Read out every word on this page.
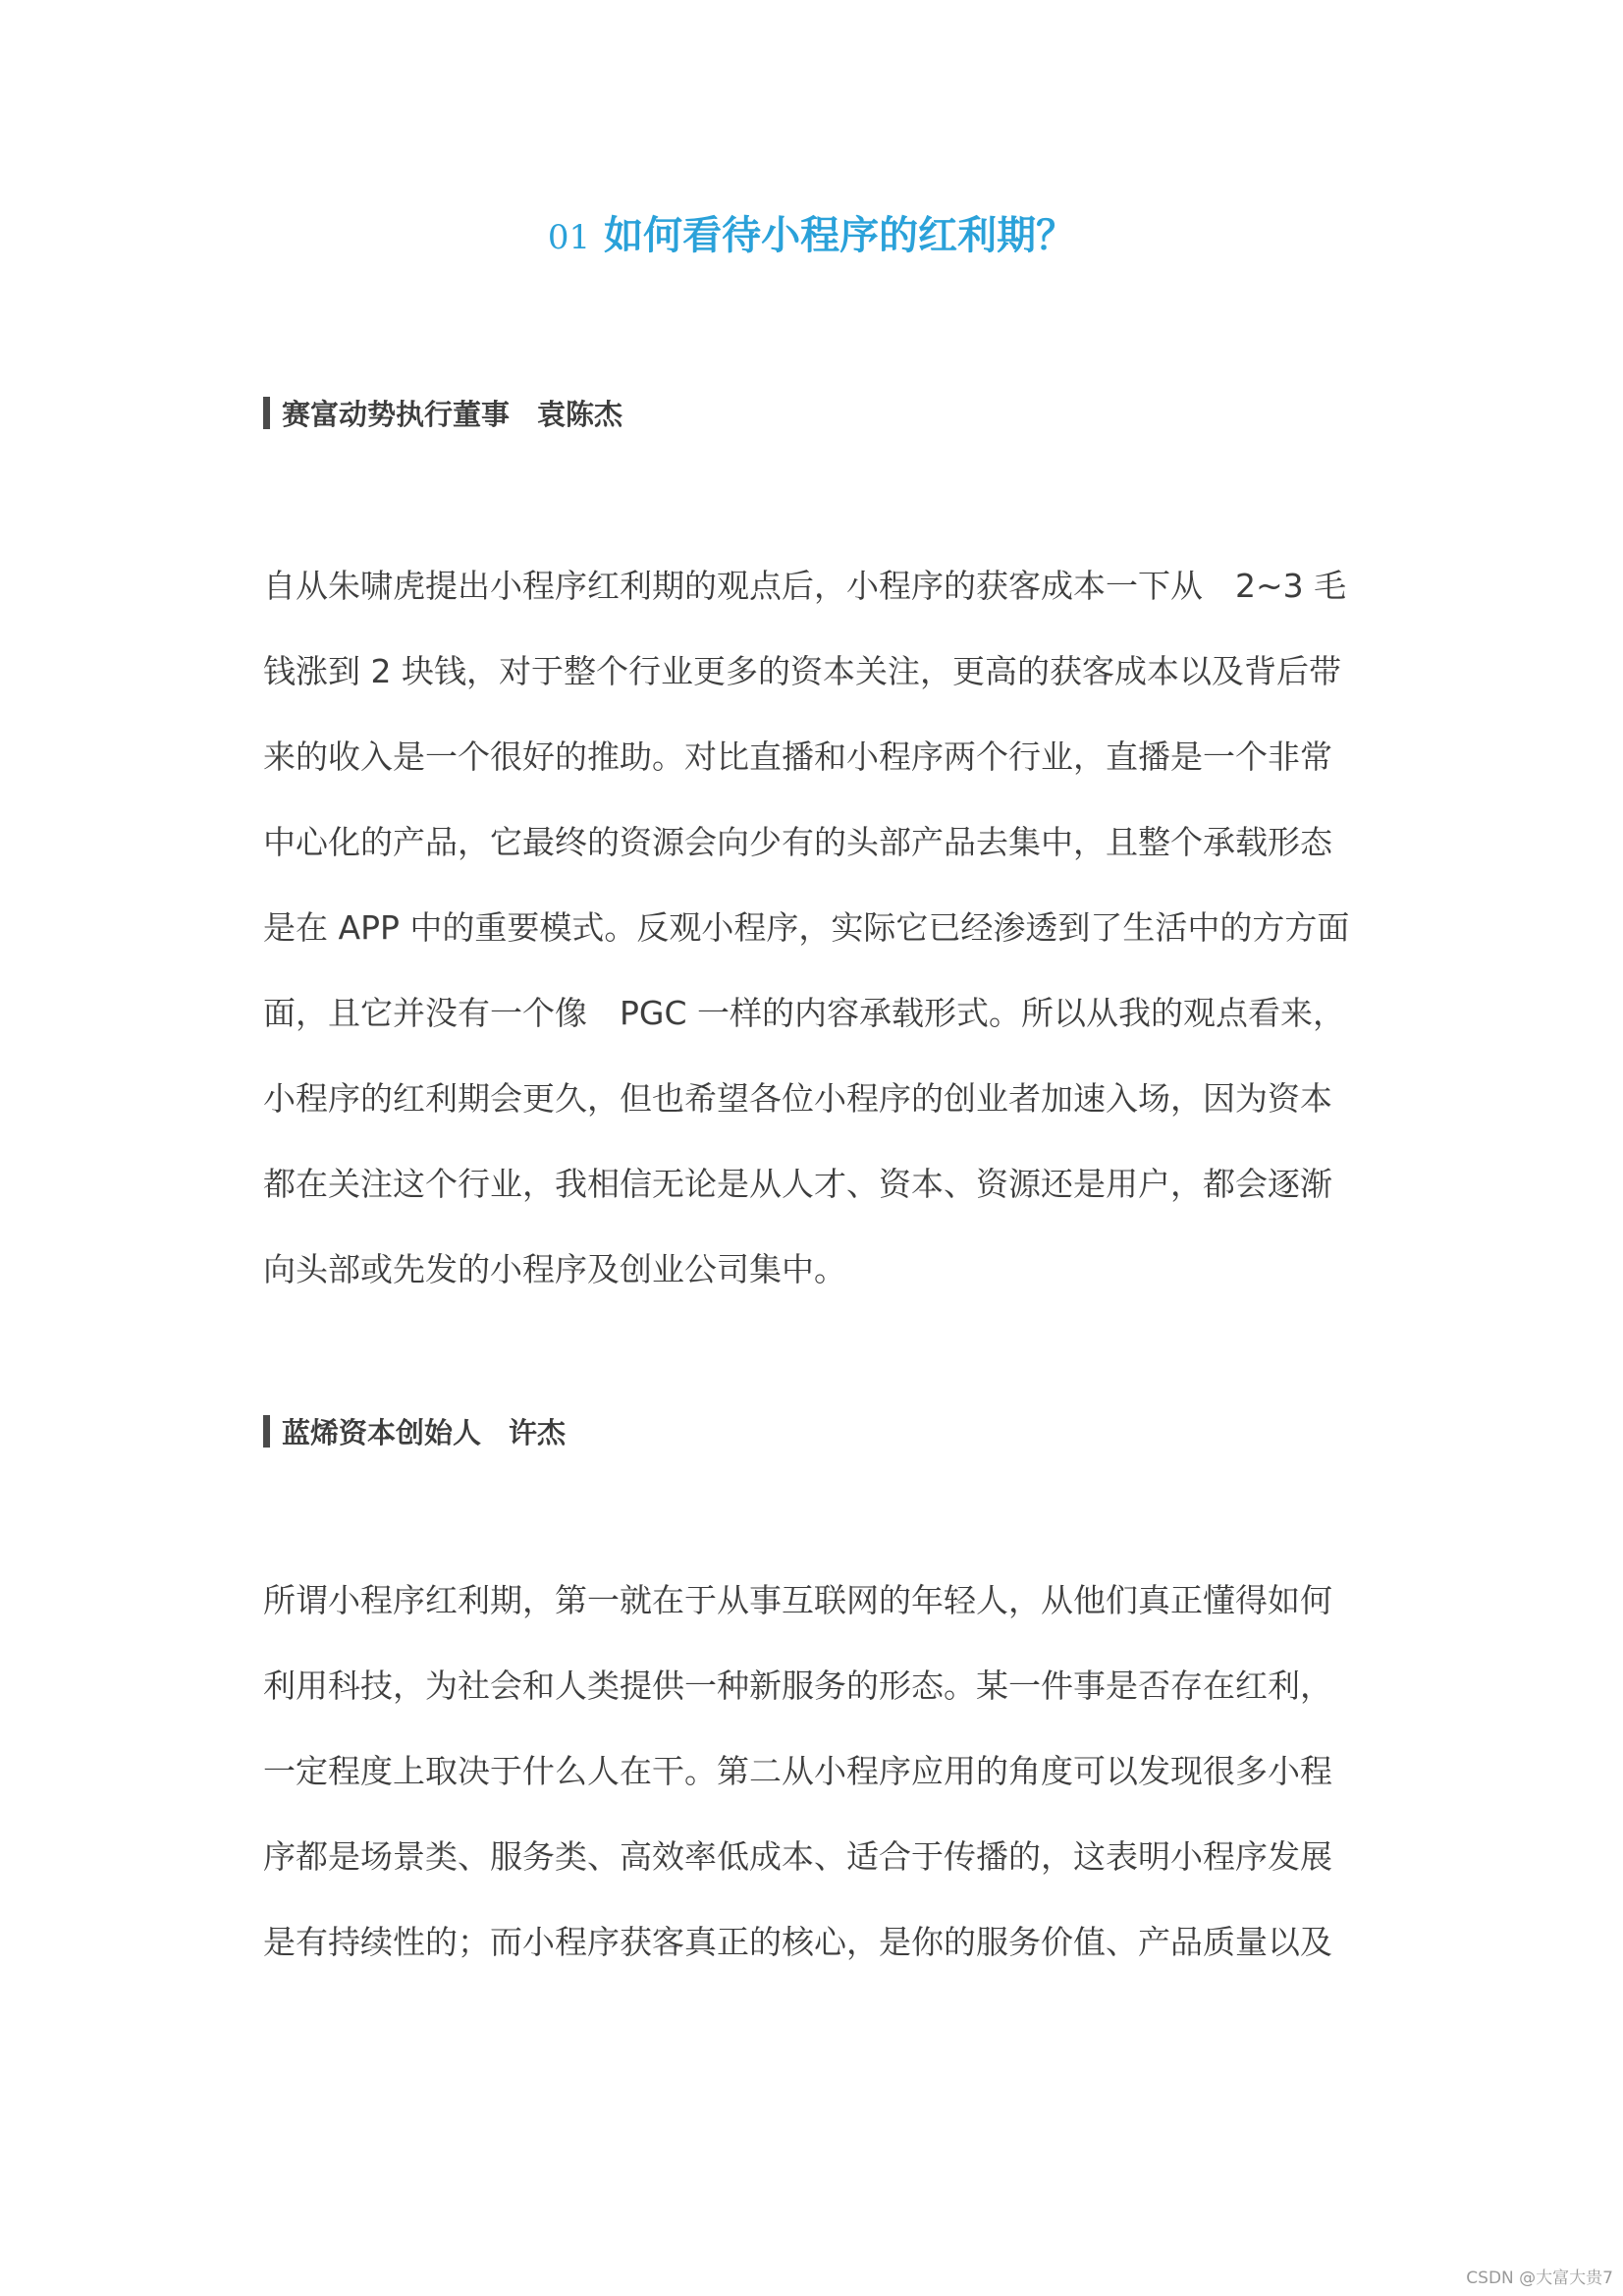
01 如何看待小程序的红利期？
赛富动势执行董事 袁陈杰
自从朱啸虎提出小程序红利期的观点后，小程序的获客成本一下从　2~3 毛
钱涨到 2 块钱，对于整个行业更多的资本关注，更高的获客成本以及背后带
来的收入是一个很好的推助。对比直播和小程序两个行业，直播是一个非常
中心化的产品，它最终的资源会向少有的头部产品去集中，且整个承载形态
是在 APP 中的重要模式。反观小程序，实际它已经渗透到了生活中的方方面
面，且它并没有一个像　PGC 一样的内容承载形式。所以从我的观点看来，
小程序的红利期会更久，但也希望各位小程序的创业者加速入场，因为资本
都在关注这个行业，我相信无论是从人才、资本、资源还是用户，都会逐渐
向头部或先发的小程序及创业公司集中。
蓝烯资本创始人 许杰
所谓小程序红利期，第一就在于从事互联网的年轻人，从他们真正懂得如何
利用科技，为社会和人类提供一种新服务的形态。某一件事是否存在红利，
一定程度上取决于什么人在干。第二从小程序应用的角度可以发现很多小程
序都是场景类、服务类、高效率低成本、适合于传播的，这表明小程序发展
是有持续性的；而小程序获客真正的核心，是你的服务价值、产品质量以及
CSDN @大富大贵7
